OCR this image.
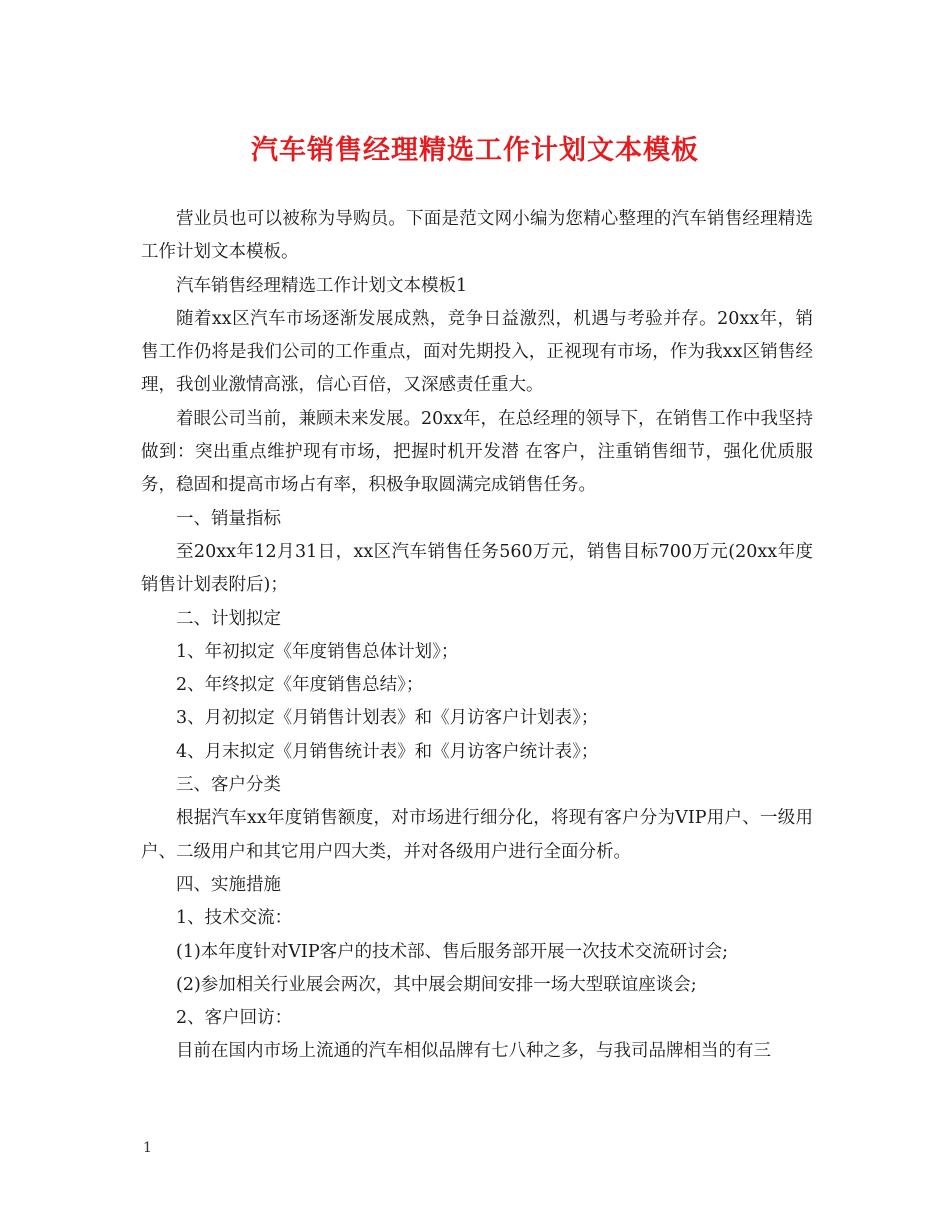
汽车销售经理精选工作计划文本模板

营业员也可以被称为导购员。下面是范文网小编为您精心整理的汽车销售经理精选工作计划文本模板。

汽车销售经理精选工作计划文本模板1

随着xx区汽车市场逐渐发展成熟，竞争日益激烈，机遇与考验并存。20xx年，销售工作仍将是我们公司的工作重点，面对先期投入，正视现有市场，作为我xx区销售经理，我创业激情高涨，信心百倍，又深感责任重大。

着眼公司当前，兼顾未来发展。20xx年，在总经理的领导下，在销售工作中我坚持做到：突出重点维护现有市场，把握时机开发潜 在客户，注重销售细节，强化优质服务，稳固和提高市场占有率，积极争取圆满完成销售任务。

一、销量指标

至20xx年12月31日，xx区汽车销售任务560万元，销售目标700万元(20xx年度销售计划表附后)；

二、计划拟定

1、年初拟定《年度销售总体计划》；

2、年终拟定《年度销售总结》；

3、月初拟定《月销售计划表》和《月访客户计划表》；

4、月末拟定《月销售统计表》和《月访客户统计表》；

三、客户分类

根据汽车xx年度销售额度，对市场进行细分化，将现有客户分为VIP用户、一级用户、二级用户和其它用户四大类，并对各级用户进行全面分析。

四、实施措施

1、技术交流：

(1)本年度针对VIP客户的技术部、售后服务部开展一次技术交流研讨会;

(2)参加相关行业展会两次，其中展会期间安排一场大型联谊座谈会;

2、客户回访：

目前在国内市场上流通的汽车相似品牌有七八种之多，与我司品牌相当的有三

1
